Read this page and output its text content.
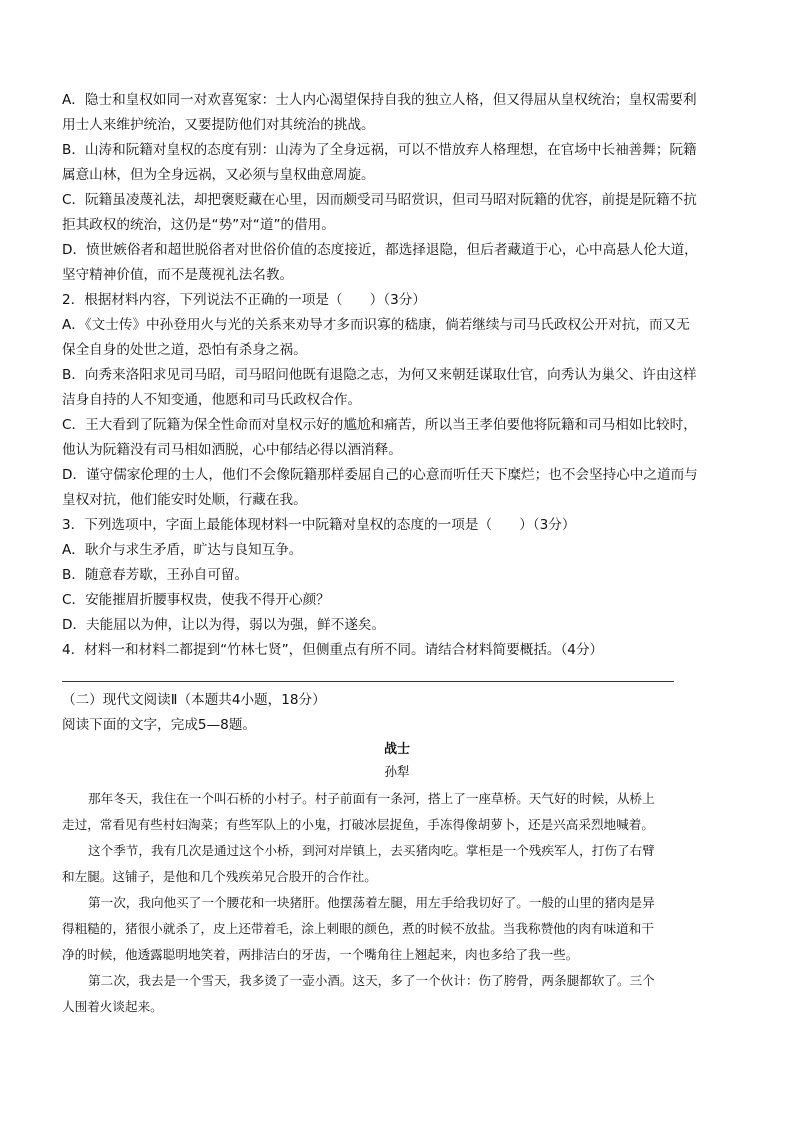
A．隐士和皇权如同一对欢喜冤家：士人内心渴望保持自我的独立人格，但又得屈从皇权统治；皇权需要利
用士人来维护统治，又要提防他们对其统治的挑战。
B．山涛和阮籍对皇权的态度有别：山涛为了全身远祸，可以不惜放弃人格理想，在官场中长袖善舞；阮籍
属意山林，但为全身远祸，又必须与皇权曲意周旋。
C．阮籍虽凌蔑礼法，却把褒贬藏在心里，因而颇受司马昭赏识，但司马昭对阮籍的优容，前提是阮籍不抗
拒其政权的统治，这仍是“势”对“道”的借用。
D．愤世嫉俗者和超世脱俗者对世俗价值的态度接近，都选择退隐，但后者藏道于心，心中高悬人伦大道，
坚守精神价值，而不是蔑视礼法名教。
2．根据材料内容，下列说法不正确的一项是（　　）（3分）
A．《文士传》中孙登用火与光的关系来劝导才多而识寡的嵇康，倘若继续与司马氏政权公开对抗，而又无
保全自身的处世之道，恐怕有杀身之祸。
B．向秀来洛阳求见司马昭，司马昭问他既有退隐之志，为何又来朝廷谋取仕官，向秀认为巢父、许由这样
洁身自持的人不知变通，他愿和司马氏政权合作。
C．王大看到了阮籍为保全性命而对皇权示好的尴尬和痛苦，所以当王孝伯要他将阮籍和司马相如比较时，
他认为阮籍没有司马相如洒脱，心中郁结必得以酒消释。
D．谨守儒家伦理的士人，他们不会像阮籍那样委屈自己的心意而听任天下糜烂；也不会坚持心中之道而与
皇权对抗，他们能安时处顺，行藏在我。
3．下列选项中，字面上最能体现材料一中阮籍对皇权的态度的一项是（　　）（3分）
A．耿介与求生矛盾，旷达与良知互争。
B．随意春芳歇，王孙自可留。
C．安能摧眉折腰事权贵，使我不得开心颜？
D．夫能屈以为伸，让以为得，弱以为强，鲜不遂矣。
4．材料一和材料二都提到“竹林七贤”，但侧重点有所不同。请结合材料简要概括。（4分）
（二）现代文阅读Ⅱ（本题共4小题，18分）
阅读下面的文字，完成5—8题。
战士
孙犁
那年冬天，我住在一个叫石桥的小村子。村子前面有一条河，搭上了一座草桥。天气好的时候，从桥上
走过，常看见有些村妇淘菜；有些军队上的小鬼，打破冰层捉鱼，手冻得像胡萝卜，还是兴高采烈地喊着。
这个季节，我有几次是通过这个小桥，到河对岸镇上，去买猪肉吃。掌柜是一个残疾军人，打伤了右臂
和左腿。这铺子，是他和几个残疾弟兄合股开的合作社。
第一次，我向他买了一个腰花和一块猪肝。他摆荡着左腿，用左手给我切好了。一般的山里的猪肉是异
得粗糙的，猪很小就杀了，皮上还带着毛，涂上刺眼的颜色，煮的时候不放盐。当我称赞他的肉有味道和干
净的时候，他透露聪明地笑着，两排洁白的牙齿，一个嘴角往上翘起来，肉也多给了我一些。
第二次，我去是一个雪天，我多烫了一壶小酒。这天，多了一个伙计：伤了胯骨，两条腿都软了。三个
人围着火谈起来。
